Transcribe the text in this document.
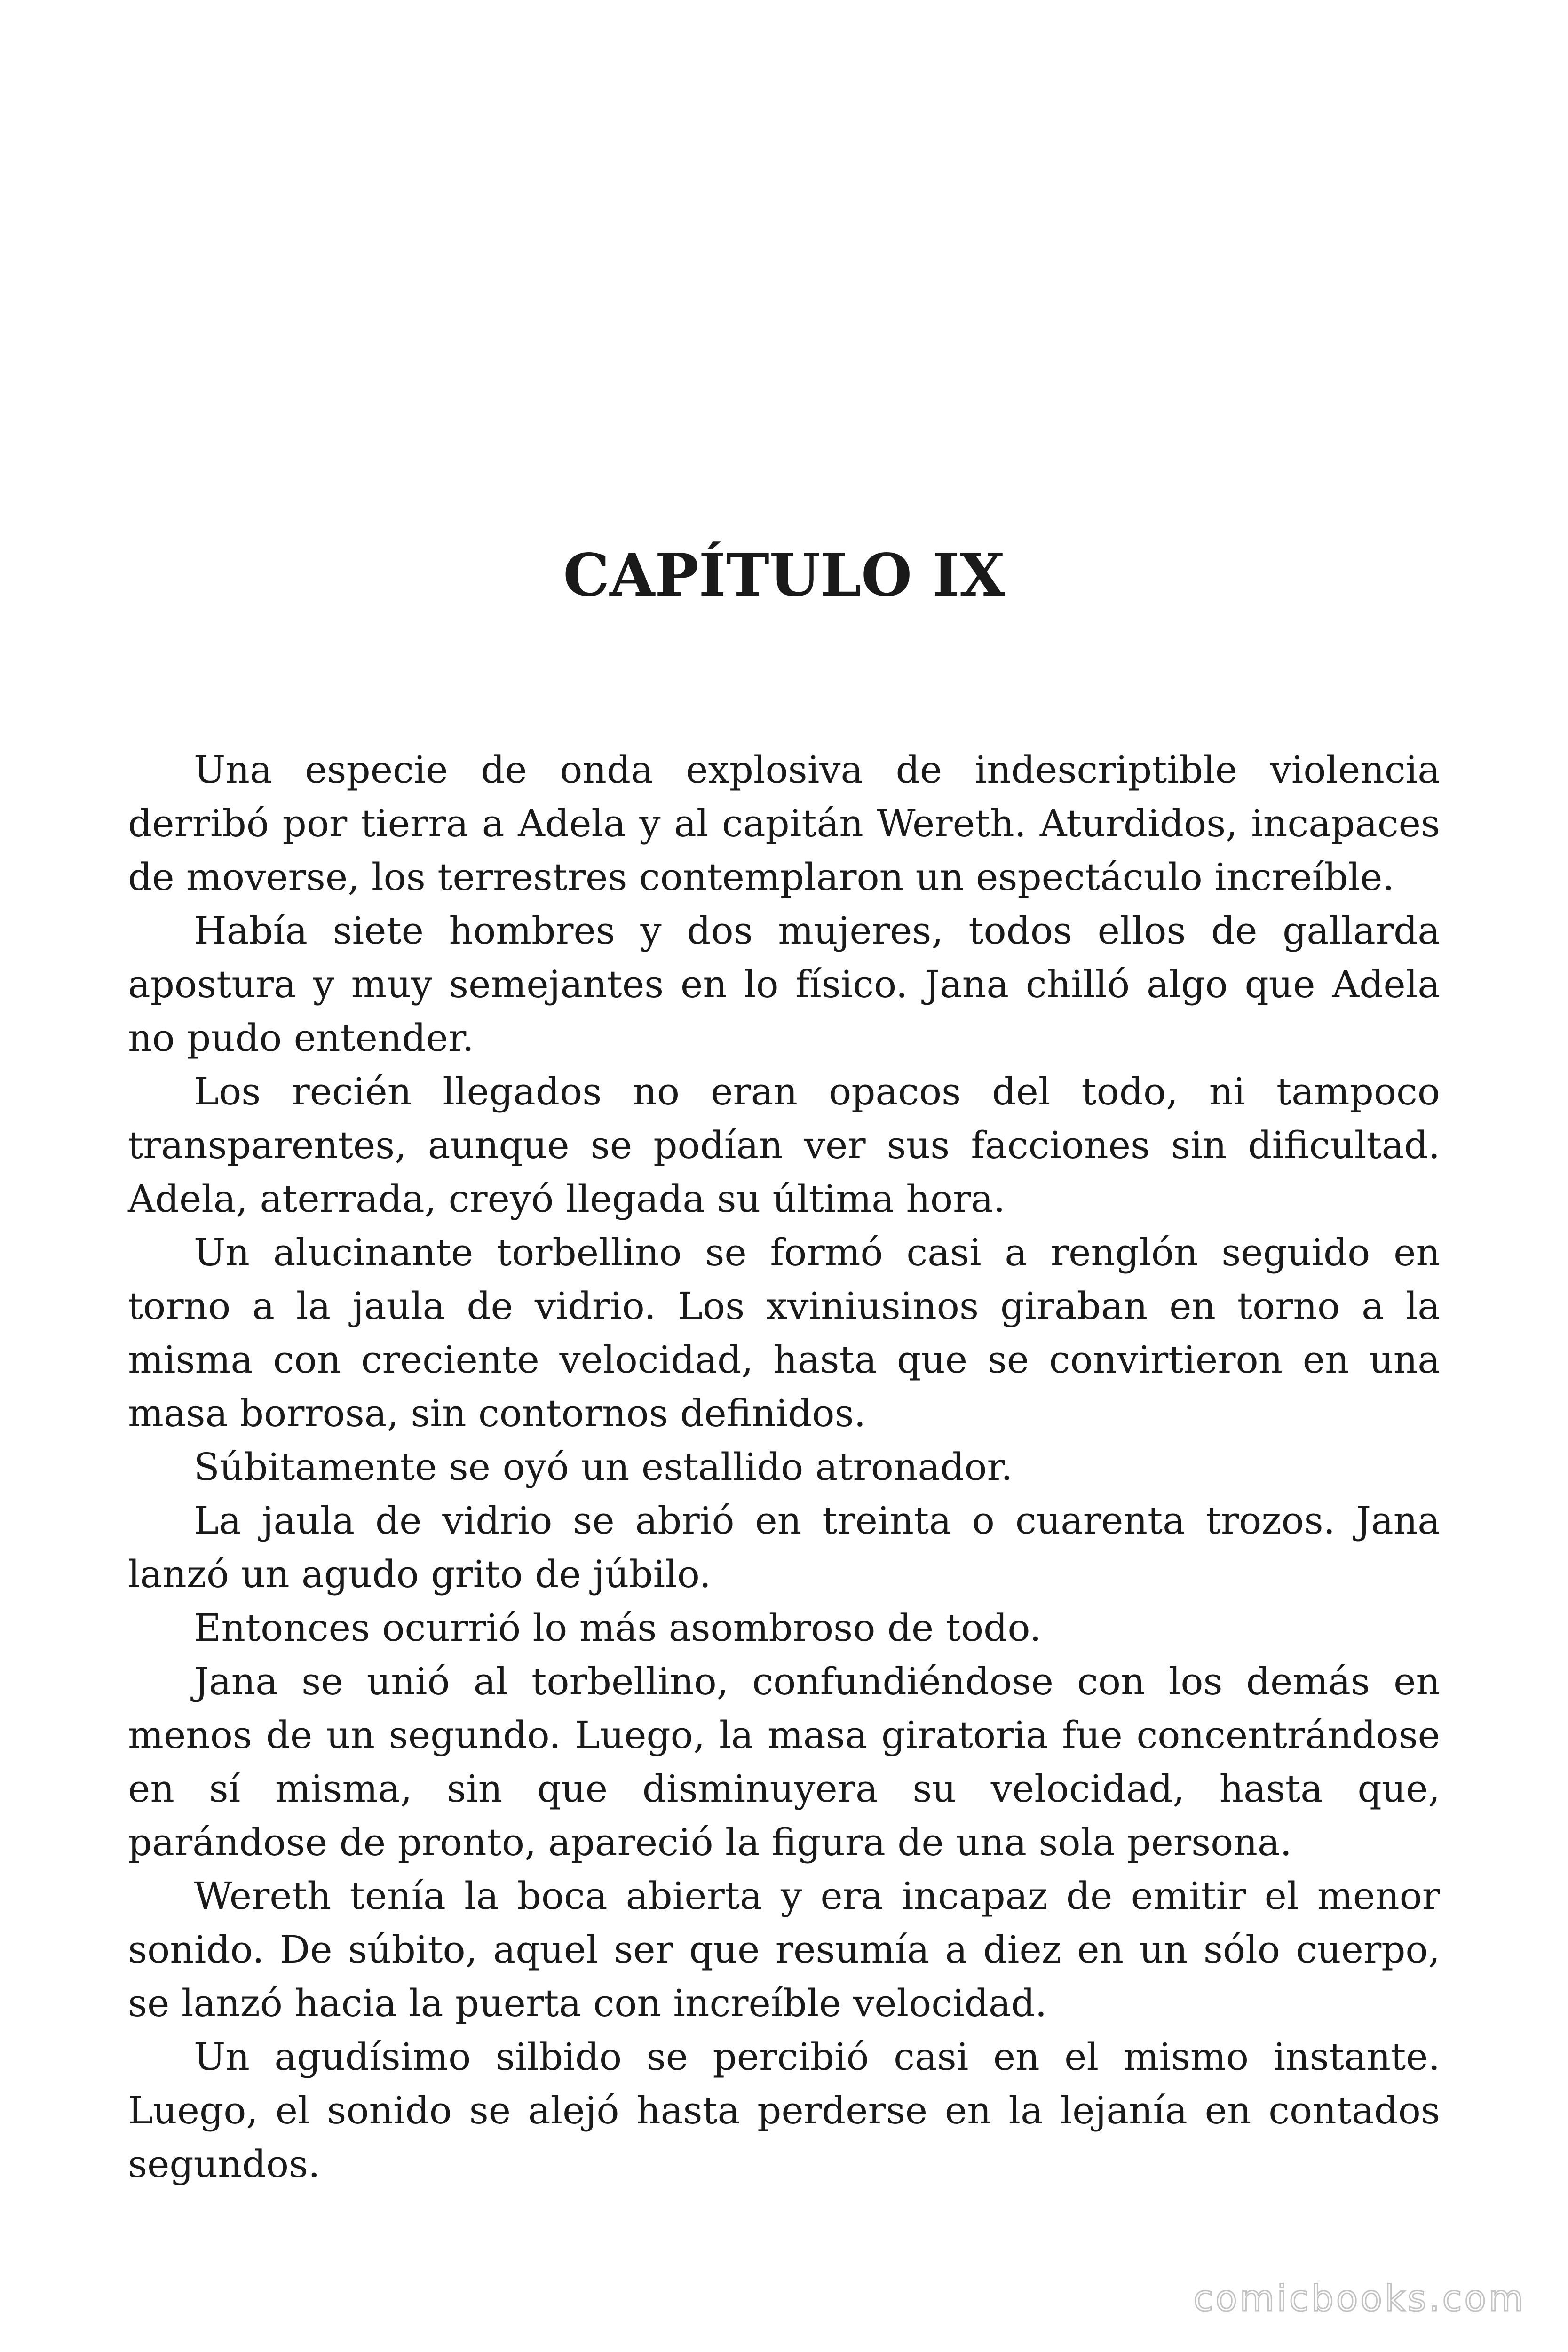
CAPÍTULO IX

Una especie de onda explosiva de indescriptible violencia derribó por tierra a Adela y al capitán Wereth. Aturdidos, incapaces de moverse, los terrestres contemplaron un espectáculo increíble.

Había siete hombres y dos mujeres, todos ellos de gallarda apostura y muy semejantes en lo físico. Jana chilló algo que Adela no pudo entender.

Los recién llegados no eran opacos del todo, ni tampoco transparentes, aunque se podían ver sus facciones sin dificultad. Adela, aterrada, creyó llegada su última hora.

Un alucinante torbellino se formó casi a renglón seguido en torno a la jaula de vidrio. Los xviniusinos giraban en torno a la misma con creciente velocidad, hasta que se convirtieron en una masa borrosa, sin contornos definidos.

Súbitamente se oyó un estallido atronador.

La jaula de vidrio se abrió en treinta o cuarenta trozos. Jana lanzó un agudo grito de júbilo.

Entonces ocurrió lo más asombroso de todo.

Jana se unió al torbellino, confundiéndose con los demás en menos de un segundo. Luego, la masa giratoria fue concentrándose en sí misma, sin que disminuyera su velocidad, hasta que, parándose de pronto, apareció la figura de una sola persona.

Wereth tenía la boca abierta y era incapaz de emitir el menor sonido. De súbito, aquel ser que resumía a diez en un sólo cuerpo, se lanzó hacia la puerta con increíble velocidad.

Un agudísimo silbido se percibió casi en el mismo instante. Luego, el sonido se alejó hasta perderse en la lejanía en contados segundos.

comicbooks.com
